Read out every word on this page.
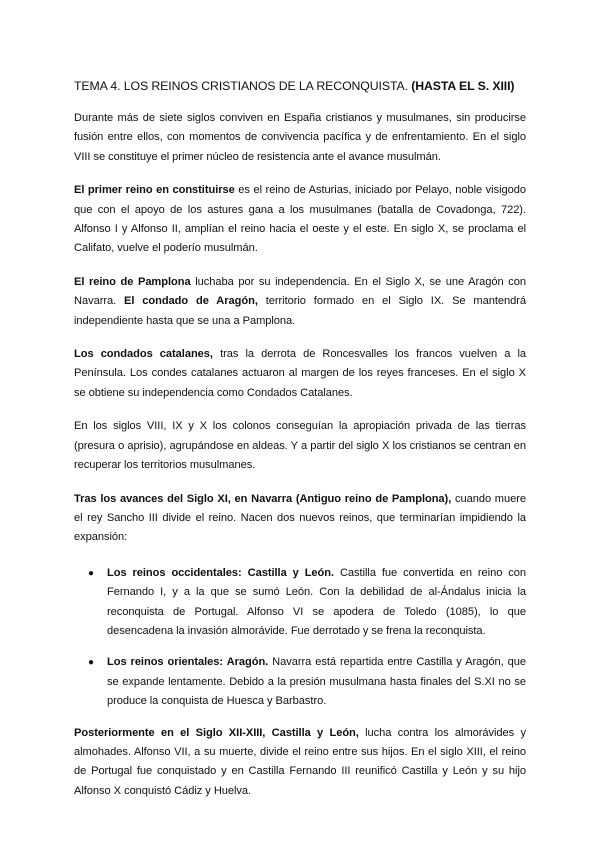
TEMA 4. LOS REINOS CRISTIANOS DE LA RECONQUISTA. (HASTA EL S. XIII)

Durante más de siete siglos conviven en España cristianos y musulmanes, sin producirse fusión entre ellos, con momentos de convivencia pacífica y de enfrentamiento. En el siglo VIII se constituye el primer núcleo de resistencia ante el avance musulmán.

El primer reino en constituirse es el reino de Asturias, iniciado por Pelayo, noble visigodo que con el apoyo de los astures gana a los musulmanes (batalla de Covadonga, 722). Alfonso I y Alfonso II, amplían el reino hacia el oeste y el este. En siglo X, se proclama el Califato, vuelve el poderío musulmán.

El reino de Pamplona luchaba por su independencia. En el Siglo X, se une Aragón con Navarra. El condado de Aragón, territorio formado en el Siglo IX. Se mantendrá independiente hasta que se una a Pamplona.

Los condados catalanes, tras la derrota de Roncesvalles los francos vuelven a la Península. Los condes catalanes actuaron al margen de los reyes franceses. En el siglo X se obtiene su independencia como Condados Catalanes.

En los siglos VIII, IX y X los colonos conseguían la apropiación privada de las tierras (presura o aprisio), agrupándose en aldeas. Y a partir del siglo X los cristianos se centran en recuperar los territorios musulmanes.

Tras los avances del Siglo XI, en Navarra (Antiguo reino de Pamplona), cuando muere el rey Sancho III divide el reino. Nacen dos nuevos reinos, que terminarían impidiendo la expansión:

● Los reinos occidentales: Castilla y León. Castilla fue convertida en reino con Fernando I, y a la que se sumó León. Con la debilidad de al-Ándalus inicia la reconquista de Portugal. Alfonso VI se apodera de Toledo (1085), lo que desencadena la invasión almorávide. Fue derrotado y se frena la reconquista.
● Los reinos orientales: Aragón. Navarra está repartida entre Castilla y Aragón, que se expande lentamente. Debido a la presión musulmana hasta finales del S.XI no se produce la conquista de Huesca y Barbastro.

Posteriormente en el Siglo XII-XIII, Castilla y León, lucha contra los almorávides y almohades. Alfonso VII, a su muerte, divide el reino entre sus hijos. En el siglo XIII, el reino de Portugal fue conquistado y en Castilla Fernando III reunificó Castilla y León y su hijo Alfonso X conquistó Cádiz y Huelva.
